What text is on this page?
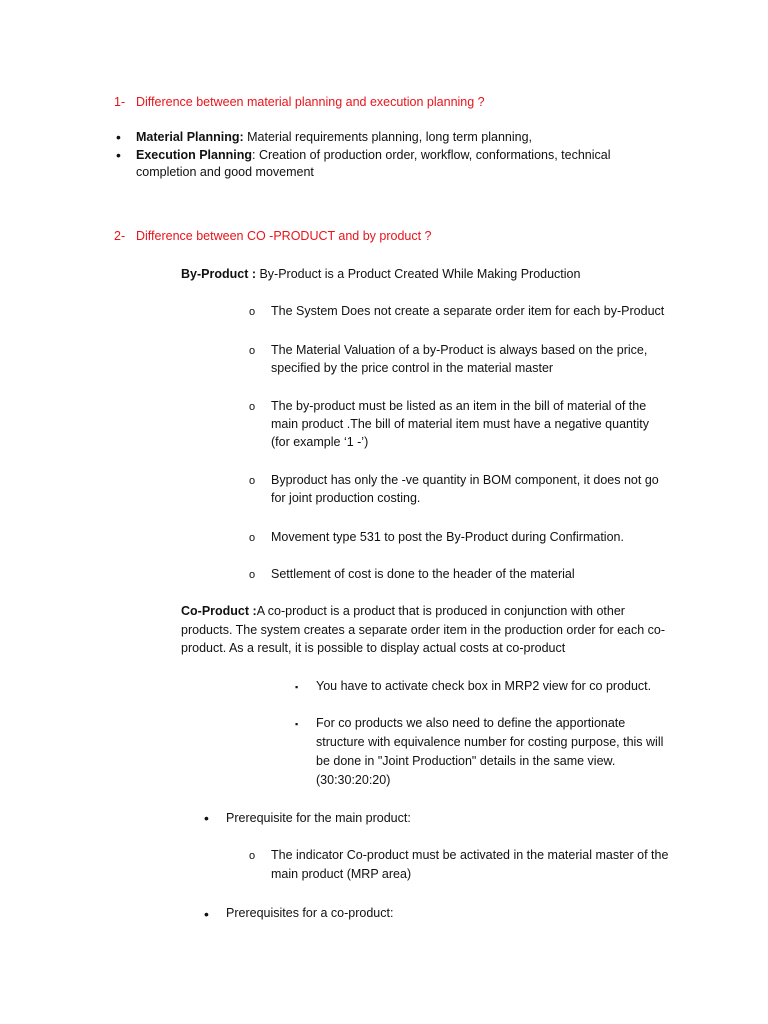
1- Difference between material planning and execution planning ?
• Material Planning: Material requirements planning, long term planning,
• Execution Planning: Creation of production order, workflow, conformations, technical
completion and good movement
2- Difference between CO -PRODUCT and by product ?
By-Product : By-Product is a Product Created While Making Production
o The System Does not create a separate order item for each by-Product
o The Material Valuation of a by-Product is always based on the price,
specified by the price control in the material master
o The by-product must be listed as an item in the bill of material of the
main product .The bill of material item must have a negative quantity
(for example ‘1 -’)
o Byproduct has only the -ve quantity in BOM component, it does not go
for joint production costing.
o Movement type 531 to post the By-Product during Confirmation.
o Settlement of cost is done to the header of the material
Co-Product :A co-product is a product that is produced in conjunction with other
products. The system creates a separate order item in the production order for each co-
product. As a result, it is possible to display actual costs at co-product
▪ You have to activate check box in MRP2 view for co product.
▪ For co products we also need to define the apportionate
structure with equivalence number for costing purpose, this will
be done in "Joint Production" details in the same view.
(30:30:20:20)
• Prerequisite for the main product:
o The indicator Co-product must be activated in the material master of the
main product (MRP area)
• Prerequisites for a co-product:
